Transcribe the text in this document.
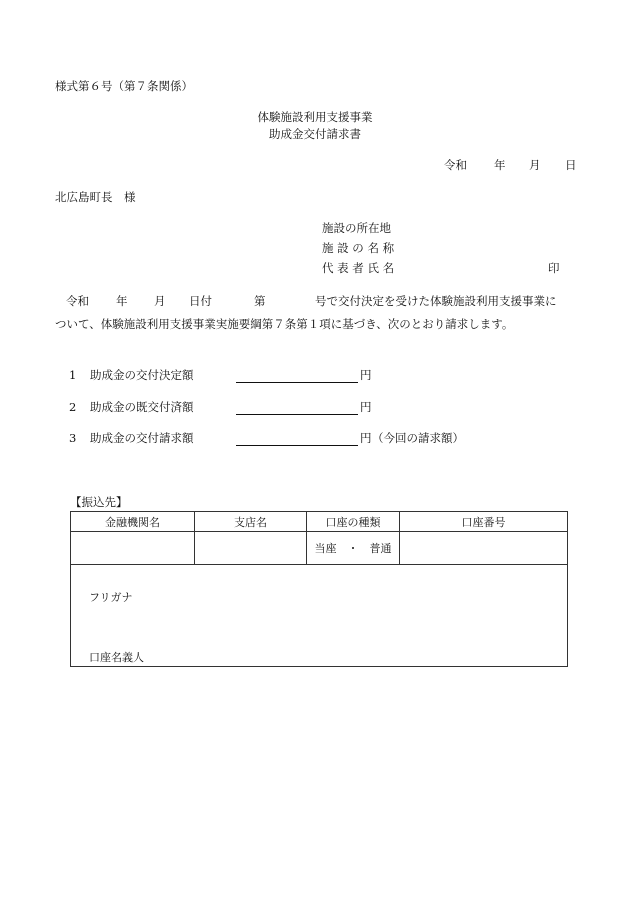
様式第６号（第７条関係）
体験施設利用支援事業
助成金交付請求書
令和 年 月 日
北広島町長　様
施設の所在地
施 設 の 名 称
代 表 者 氏 名	印
令和 年 月 日付	第	号で交付決定を受けた体験施設利用支援事業に
ついて、体験施設利用支援事業実施要綱第７条第１項に基づき、次のとおり請求します。
1 助成金の交付決定額	円
2 助成金の既交付済額	円
3 助成金の交付請求額	円 （今回の請求額）
【振込先】
金融機関名	支店名	口座の種類	口座番号
		当座　・　普通	

フリガナ
口座名義人			
